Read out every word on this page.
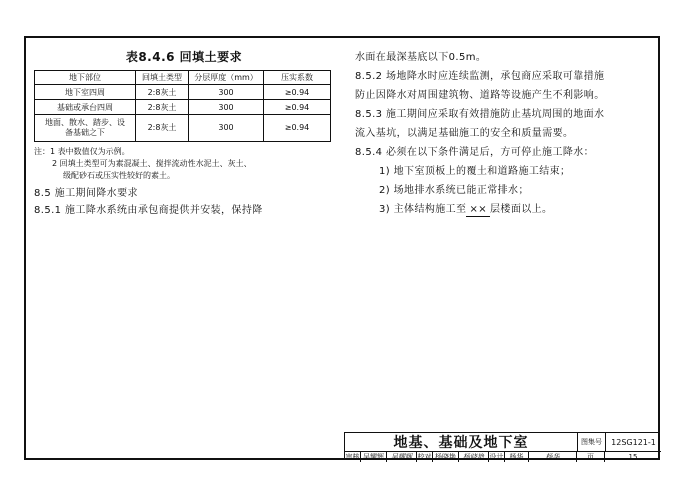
表8.4.6 回填土要求
地下部位	回填土类型	分层厚度（mm）	压实系数
地下室四周	2:8灰土	300	≥0.94
基础或承台四周	2:8灰土	300	≥0.94
地面、散水、踏步、设备基础之下	2:8灰土	300	≥0.94
注：1 表中数值仅为示例。
2 回填土类型可为素混凝土、搅拌流动性水泥土、灰土、
级配砂石或压实性较好的素土。
8.5 施工期间降水要求
8.5.1 施工降水系统由承包商提供并安装，保持降
水面在最深基底以下0.5m。
8.5.2 场地降水时应连续监测，承包商应采取可靠措施
防止因降水对周围建筑物、道路等设施产生不利影响。
8.5.3 施工期间应采取有效措施防止基坑周围的地面水
流入基坑，以满足基础施工的安全和质量需要。
8.5.4 必须在以下条件满足后，方可停止施工降水：
1) 地下室顶板上的覆土和道路施工结束；
2) 场地排水系统已能正常排水；
3) 主体结构施工至 ×× 层楼面以上。
地基、基础及地下室	图集号	12SG121-1
审核 吴耀辉	吴耀辉 校对 杨晓艳	杨晓艳 设计 杨华	杨华	页	15
